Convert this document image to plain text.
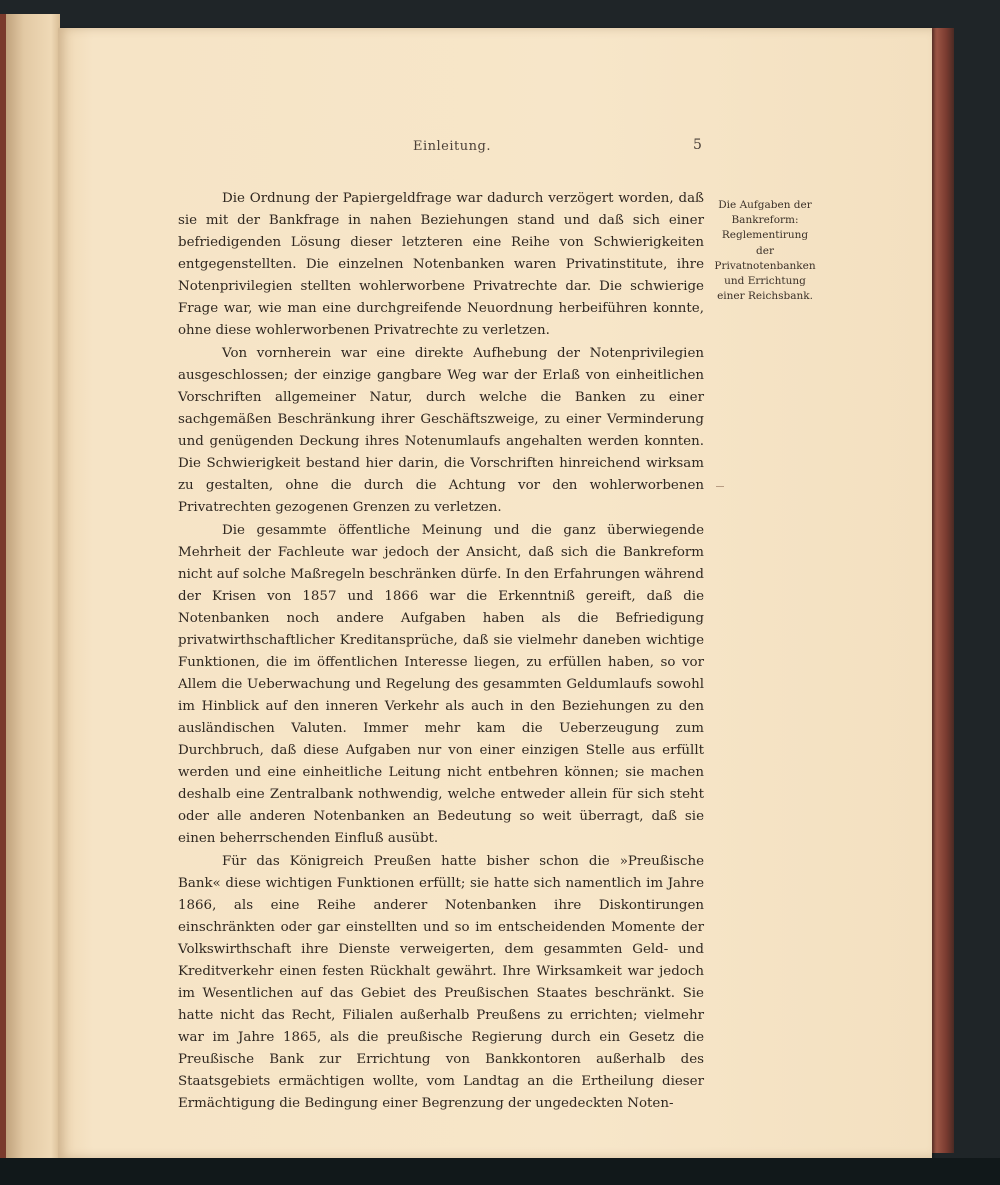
Einleitung.	5

Die Ordnung der Papiergeldfrage war dadurch verzögert worden, daß sie mit der Bankfrage in nahen Beziehungen stand und daß sich einer befriedigenden Lösung dieser letzteren eine Reihe von Schwierigkeiten entgegenstellten. Die einzelnen Notenbanken waren Privatinstitute, ihre Notenprivilegien stellten wohlerworbene Privatrechte dar. Die schwierige Frage war, wie man eine durchgreifende Neuordnung herbeiführen konnte, ohne diese wohlerworbenen Privatrechte zu verletzen.

Von vornherein war eine direkte Aufhebung der Notenprivilegien ausgeschlossen; der einzige gangbare Weg war der Erlaß von einheitlichen Vorschriften allgemeiner Natur, durch welche die Banken zu einer sachgemäßen Beschränkung ihrer Geschäftszweige, zu einer Verminderung und genügenden Deckung ihres Notenumlaufs angehalten werden konnten. Die Schwierigkeit bestand hier darin, die Vorschriften hinreichend wirksam zu gestalten, ohne die durch die Achtung vor den wohlerworbenen Privatrechten gezogenen Grenzen zu verletzen.

Die gesammte öffentliche Meinung und die ganz überwiegende Mehrheit der Fachleute war jedoch der Ansicht, daß sich die Bankreform nicht auf solche Maßregeln beschränken dürfe. In den Erfahrungen während der Krisen von 1857 und 1866 war die Erkenntniß gereift, daß die Notenbanken noch andere Aufgaben haben als die Befriedigung privatwirthschaftlicher Kreditansprüche, daß sie vielmehr daneben wichtige Funktionen, die im öffentlichen Interesse liegen, zu erfüllen haben, so vor Allem die Ueberwachung und Regelung des gesammten Geldumlaufs sowohl im Hinblick auf den inneren Verkehr als auch in den Beziehungen zu den ausländischen Valuten. Immer mehr kam die Ueberzeugung zum Durchbruch, daß diese Aufgaben nur von einer einzigen Stelle aus erfüllt werden und eine einheitliche Leitung nicht entbehren können; sie machen deshalb eine Zentralbank nothwendig, welche entweder allein für sich steht oder alle anderen Notenbanken an Bedeutung so weit überragt, daß sie einen beherrschenden Einfluß ausübt.

Für das Königreich Preußen hatte bisher schon die »Preußische Bank« diese wichtigen Funktionen erfüllt; sie hatte sich namentlich im Jahre 1866, als eine Reihe anderer Notenbanken ihre Diskontirungen einschränkten oder gar einstellten und so im entscheidenden Momente der Volkswirthschaft ihre Dienste verweigerten, dem gesammten Geld- und Kreditverkehr einen festen Rückhalt gewährt. Ihre Wirksamkeit war jedoch im Wesentlichen auf das Gebiet des Preußischen Staates beschränkt. Sie hatte nicht das Recht, Filialen außerhalb Preußens zu errichten; vielmehr war im Jahre 1865, als die preußische Regierung durch ein Gesetz die Preußische Bank zur Errichtung von Bankkontoren außerhalb des Staatsgebiets ermächtigen wollte, vom Landtag an die Ertheilung dieser Ermächtigung die Bedingung einer Begrenzung der ungedeckten Noten-

Die Aufgaben der Bankreform: Reglementirung der Privatnotenbanken und Errichtung einer Reichsbank.
